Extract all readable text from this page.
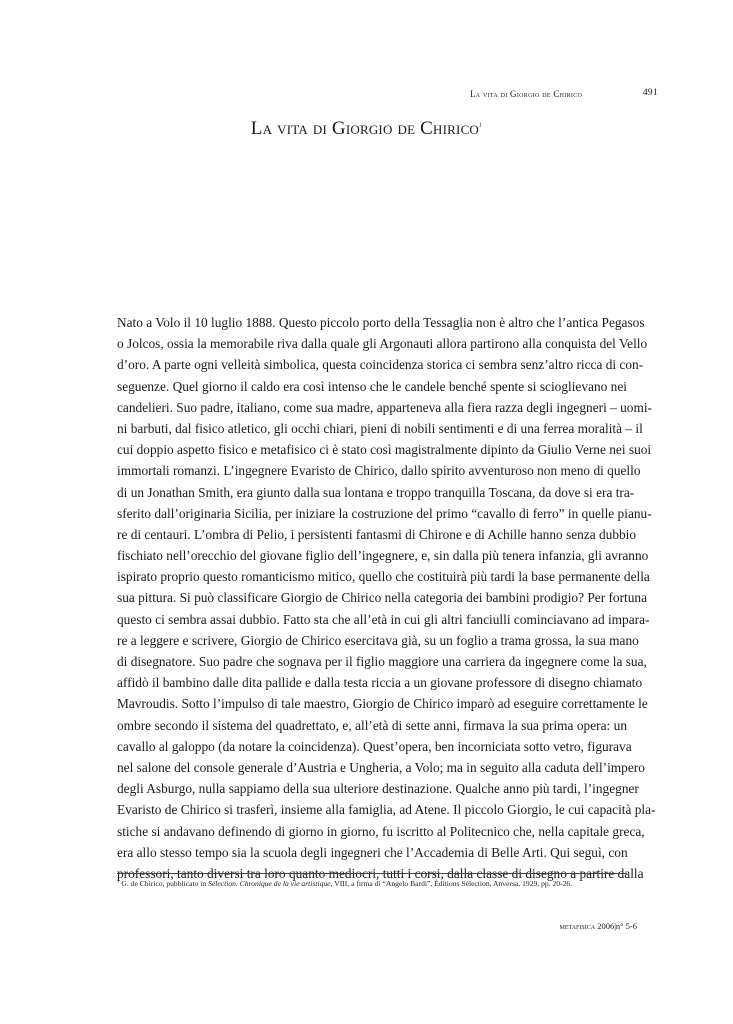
La vita di Giorgio de Chirico	491
La vita di Giorgio de Chirico$^1$
Nato a Volo il 10 luglio 1888. Questo piccolo porto della Tessaglia non è altro che l’antica Pegasos
o Jolcos, ossia la memorabile riva dalla quale gli Argonauti allora partirono alla conquista del Vello
d’oro. A parte ogni velleità simbolica, questa coincidenza storica ci sembra senz’altro ricca di con-
seguenze. Quel giorno il caldo era così intenso che le candele benché spente si scioglievano nei
candelieri. Suo padre, italiano, come sua madre, apparteneva alla fiera razza degli ingegneri – uomi-
ni barbuti, dal fisico atletico, gli occhi chiari, pieni di nobili sentimenti e di una ferrea moralità – il
cui doppio aspetto fisico e metafisico ci è stato così magistralmente dipinto da Giulio Verne nei suoi
immortali romanzi. L’ingegnere Evaristo de Chirico, dallo spirito avventuroso non meno di quello
di un Jonathan Smith, era giunto dalla sua lontana e troppo tranquilla Toscana, da dove si era tra-
sferito dall’originaria Sicilia, per iniziare la costruzione del primo “cavallo di ferro” in quelle pianu-
re di centauri. L’ombra di Pelio, i persistenti fantasmi di Chirone e di Achille hanno senza dubbio
fischiato nell’orecchio del giovane figlio dell’ingegnere, e, sin dalla più tenera infanzia, gli avranno
ispirato proprio questo romanticismo mitico, quello che costituirà più tardi la base permanente della
sua pittura. Si può classificare Giorgio de Chirico nella categoria dei bambini prodigio? Per fortuna
questo ci sembra assai dubbio. Fatto sta che all’età in cui gli altri fanciulli cominciavano ad impara-
re a leggere e scrivere, Giorgio de Chirico esercitava già, su un foglio a trama grossa, la sua mano
di disegnatore. Suo padre che sognava per il figlio maggiore una carriera da ingegnere come la sua,
affidò il bambino dalle dita pallide e dalla testa riccia a un giovane professore di disegno chiamato
Mavroudis. Sotto l’impulso di tale maestro, Giorgio de Chirico imparò ad eseguire correttamente le
ombre secondo il sistema del quadrettato, e, all’età di sette anni, firmava la sua prima opera: un
cavallo al galoppo (da notare la coincidenza). Quest’opera, ben incorniciata sotto vetro, figurava
nel salone del console generale d’Austria e Ungheria, a Volo; ma in seguito alla caduta dell’impero
degli Asburgo, nulla sappiamo della sua ulteriore destinazione. Qualche anno più tardi, l’ingegner
Evaristo de Chirico si trasferì, insieme alla famiglia, ad Atene. Il piccolo Giorgio, le cui capacità pla-
stiche si andavano definendo di giorno in giorno, fu iscritto al Politecnico che, nella capitale greca,
era allo stesso tempo sia la scuola degli ingegneri che l’Accademia di Belle Arti. Qui seguì, con
professori, tanto diversi tra loro quanto mediocri, tutti i corsi, dalla classe di disegno a partire dalla
$^1$ G. de Chirico, pubblicato in Sélection. Chronique de la vie artistique, VIII, a firma di “Angelo Bardi”, Éditions Sélection, Anversa, 1929, pp. 20-26.
metafisica 2006|n° 5-6
